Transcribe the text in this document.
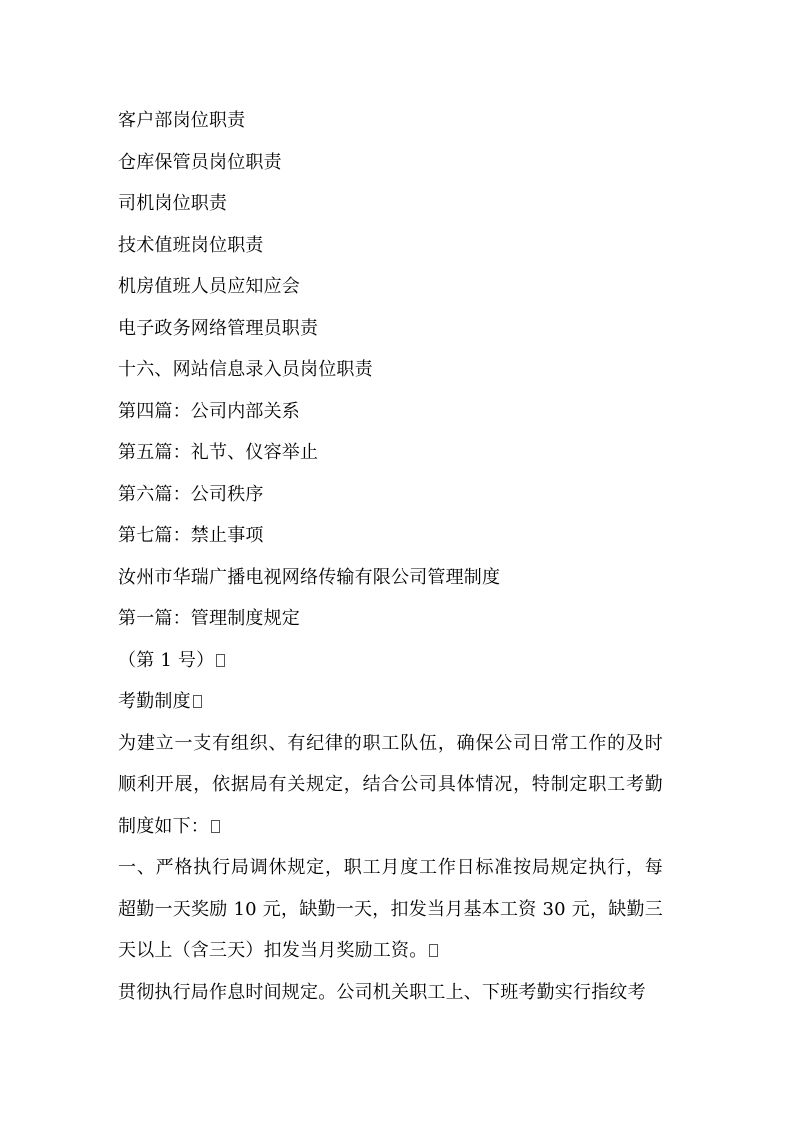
客户部岗位职责
仓库保管员岗位职责
司机岗位职责
技术值班岗位职责
机房值班人员应知应会
电子政务网络管理员职责
十六、网站信息录入员岗位职责
第四篇：公司内部关系
第五篇：礼节、仪容举止
第六篇：公司秩序
第七篇：禁止事项
汝州市华瑞广播电视网络传输有限公司管理制度
第一篇：管理制度规定
（第 1 号）
考勤制度
为建立一支有组织、有纪律的职工队伍，确保公司日常工作的及时顺利开展，依据局有关规定，结合公司具体情况，特制定职工考勤制度如下：
一、严格执行局调休规定，职工月度工作日标准按局规定执行，每超勤一天奖励 10 元，缺勤一天，扣发当月基本工资 30 元，缺勤三天以上（含三天）扣发当月奖励工资。
贯彻执行局作息时间规定。公司机关职工上、下班考勤实行指纹考
